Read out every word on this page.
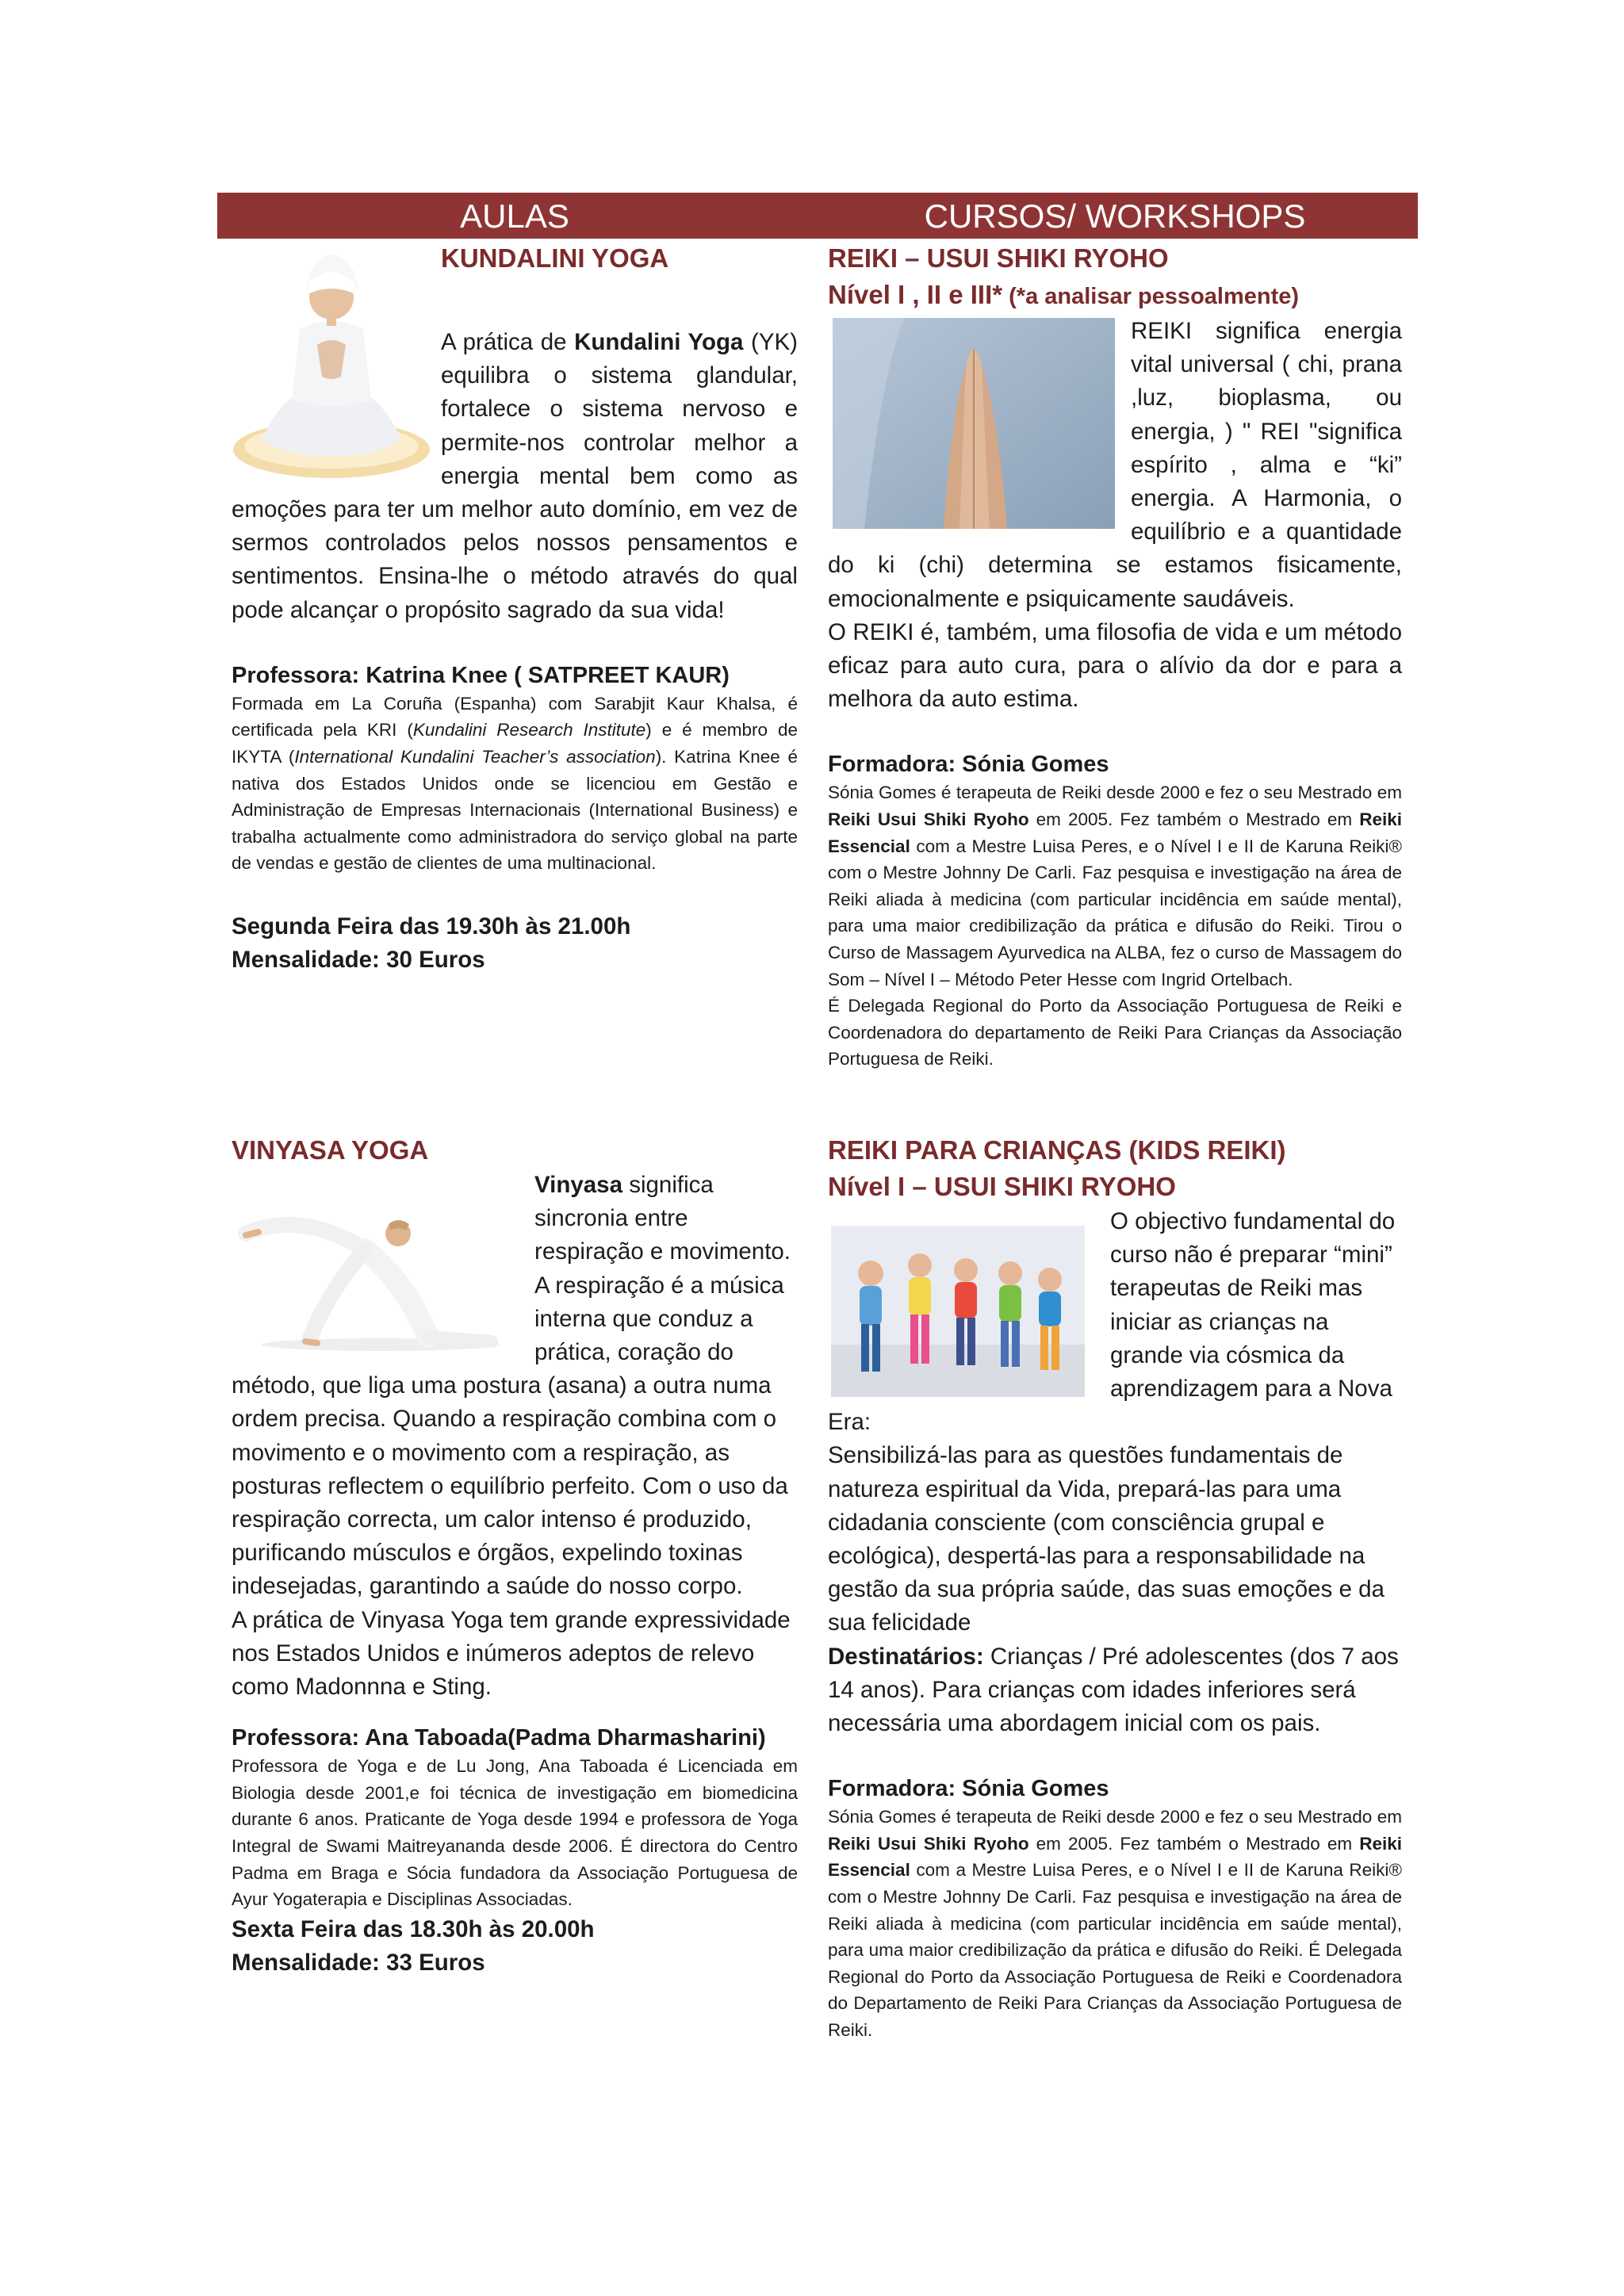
AULAS	CURSOS/ WORKSHOPS
KUNDALINI YOGA

A prática de Kundalini Yoga (YK) equilibra o sistema glandular, fortalece o sistema nervoso e permite-nos controlar melhor a energia mental bem como as emoções para ter um melhor auto domínio, em vez de sermos controlados pelos nossos pensamentos e sentimentos. Ensina-lhe o método através do qual pode alcançar o propósito sagrado da sua vida!

Professora: Katrina Knee ( SATPREET KAUR)

Formada em La Coruña (Espanha) com Sarabjit Kaur Khalsa, é certificada pela KRI (Kundalini Research Institute) e é membro de IKYTA (International Kundalini Teacher’s association). Katrina Knee é nativa dos Estados Unidos onde se licenciou em Gestão e Administração de Empresas Internacionais (International Business) e trabalha actualmente como administradora do serviço global na parte de vendas e gestão de clientes de uma multinacional.

Segunda Feira das 19.30h às 21.00h

Mensalidade: 30 Euros

VINYASA YOGA

Vinyasa significa sincronia entre respiração e movimento. A respiração é a música interna que conduz a prática, coração do método, que liga uma postura (asana) a outra numa ordem precisa. Quando a respiração combina com o movimento e o movimento com a respiração, as posturas reflectem o equilíbrio perfeito. Com o uso da respiração correcta, um calor intenso é produzido, purificando músculos e órgãos, expelindo toxinas indesejadas, garantindo a saúde do nosso corpo.

A prática de Vinyasa Yoga tem grande expressividade nos Estados Unidos e inúmeros adeptos de relevo como Madonnna e Sting.

Professora: Ana Taboada(Padma Dharmasharini)

Professora de Yoga e de Lu Jong, Ana Taboada é Licenciada em Biologia desde 2001,e foi técnica de investigação em biomedicina durante 6 anos. Praticante de Yoga desde 1994 e professora de Yoga Integral de Swami Maitreyananda desde 2006. É directora do Centro Padma em Braga e Sócia fundadora da Associação Portuguesa de Ayur Yogaterapia e Disciplinas Associadas.

Sexta Feira das 18.30h às 20.00h

Mensalidade: 33 Euros

REIKI – USUI SHIKI RYOHO

Nível I , II e III* (*a analisar pessoalmente)

REIKI significa energia vital universal ( chi, prana ,luz, bioplasma, ou energia, ) " REI "significa espírito , alma e “ki” energia. A Harmonia, o equilíbrio e a quantidade do ki (chi) determina se estamos fisicamente, emocionalmente e psiquicamente saudáveis.

O REIKI é, também, uma filosofia de vida e um método eficaz para auto cura, para o alívio da dor e para a melhora da auto estima.

Formadora: Sónia Gomes

Sónia Gomes é terapeuta de Reiki desde 2000 e fez o seu Mestrado em Reiki Usui Shiki Ryoho em 2005. Fez também o Mestrado em Reiki Essencial com a Mestre Luisa Peres, e o Nível I e II de Karuna Reiki® com o Mestre Johnny De Carli. Faz pesquisa e investigação na área de Reiki aliada à medicina (com particular incidência em saúde mental), para uma maior credibilização da prática e difusão do Reiki. Tirou o Curso de Massagem Ayurvedica na ALBA, fez o curso de Massagem do Som – Nível I – Método Peter Hesse com Ingrid Ortelbach.

É Delegada Regional do Porto da Associação Portuguesa de Reiki e Coordenadora do departamento de Reiki Para Crianças da Associação Portuguesa de Reiki.

REIKI PARA CRIANÇAS (KIDS REIKI)

Nível I – USUI SHIKI RYOHO

O objectivo fundamental do curso não é preparar “mini” terapeutas de Reiki mas iniciar as crianças na grande via cósmica da aprendizagem para a Nova Era:

Sensibilizá-las para as questões fundamentais de natureza espiritual da Vida, prepará-las para uma cidadania consciente (com consciência grupal e ecológica), despertá-las para a responsabilidade na gestão da sua própria saúde, das suas emoções e da sua felicidade

Destinatários: Crianças / Pré adolescentes (dos 7 aos 14 anos). Para crianças com idades inferiores será necessária uma abordagem inicial com os pais.

Formadora: Sónia Gomes

Sónia Gomes é terapeuta de Reiki desde 2000 e fez o seu Mestrado em Reiki Usui Shiki Ryoho em 2005. Fez também o Mestrado em Reiki Essencial com a Mestre Luisa Peres, e o Nível I e II de Karuna Reiki® com o Mestre Johnny De Carli. Faz pesquisa e investigação na área de Reiki aliada à medicina (com particular incidência em saúde mental), para uma maior credibilização da prática e difusão do Reiki. É Delegada Regional do Porto da Associação Portuguesa de Reiki e Coordenadora do Departamento de Reiki Para Crianças da Associação Portuguesa de Reiki.
